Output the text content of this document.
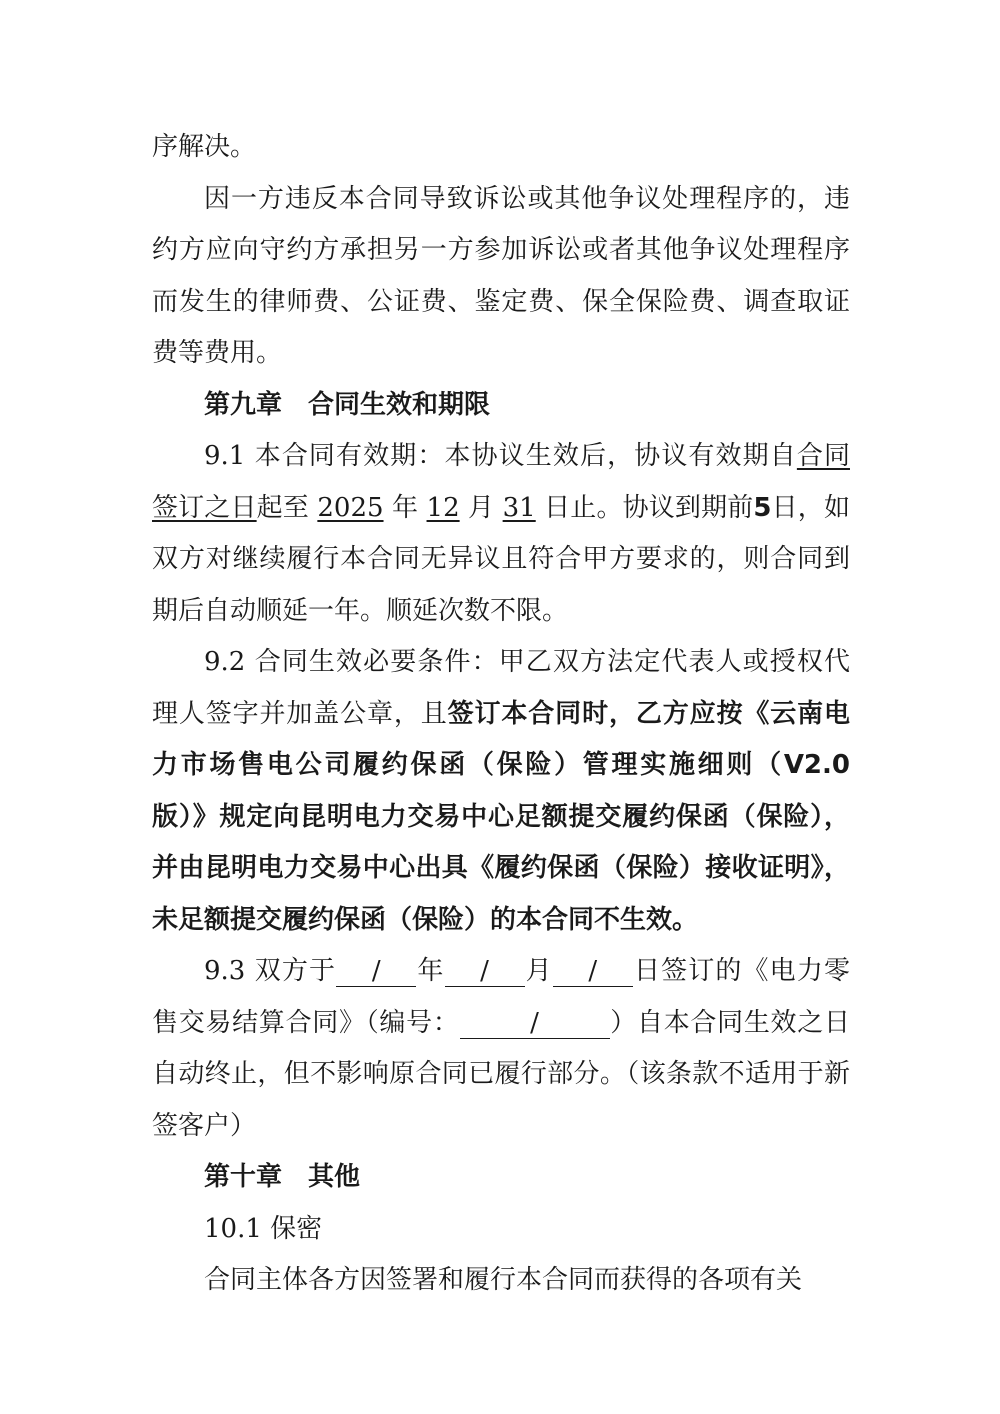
序解决。

因一方违反本合同导致诉讼或其他争议处理程序的，违约方应向守约方承担另一方参加诉讼或者其他争议处理程序而发生的律师费、公证费、鉴定费、保全保险费、调查取证费等费用。

第九章　合同生效和期限

9.1 本合同有效期：本协议生效后，协议有效期自合同签订之日起至 2025 年 12 月 31 日止。协议到期前5日，如双方对继续履行本合同无异议且符合甲方要求的，则合同到期后自动顺延一年。顺延次数不限。

9.2 合同生效必要条件：甲乙双方法定代表人或授权代理人签字并加盖公章，且签订本合同时，乙方应按《云南电力市场售电公司履约保函（保险）管理实施细则（V2.0 版）》规定向昆明电力交易中心足额提交履约保函（保险），并由昆明电力交易中心出具《履约保函（保险）接收证明》，未足额提交履约保函（保险）的本合同不生效。

9.3 双方于 / 年 / 月 / 日签订的《电力零售交易结算合同》（编号：	/	）自本合同生效之日自动终止，但不影响原合同已履行部分。（该条款不适用于新签客户）

第十章　其他

10.1 保密

合同主体各方因签署和履行本合同而获得的各项有关
